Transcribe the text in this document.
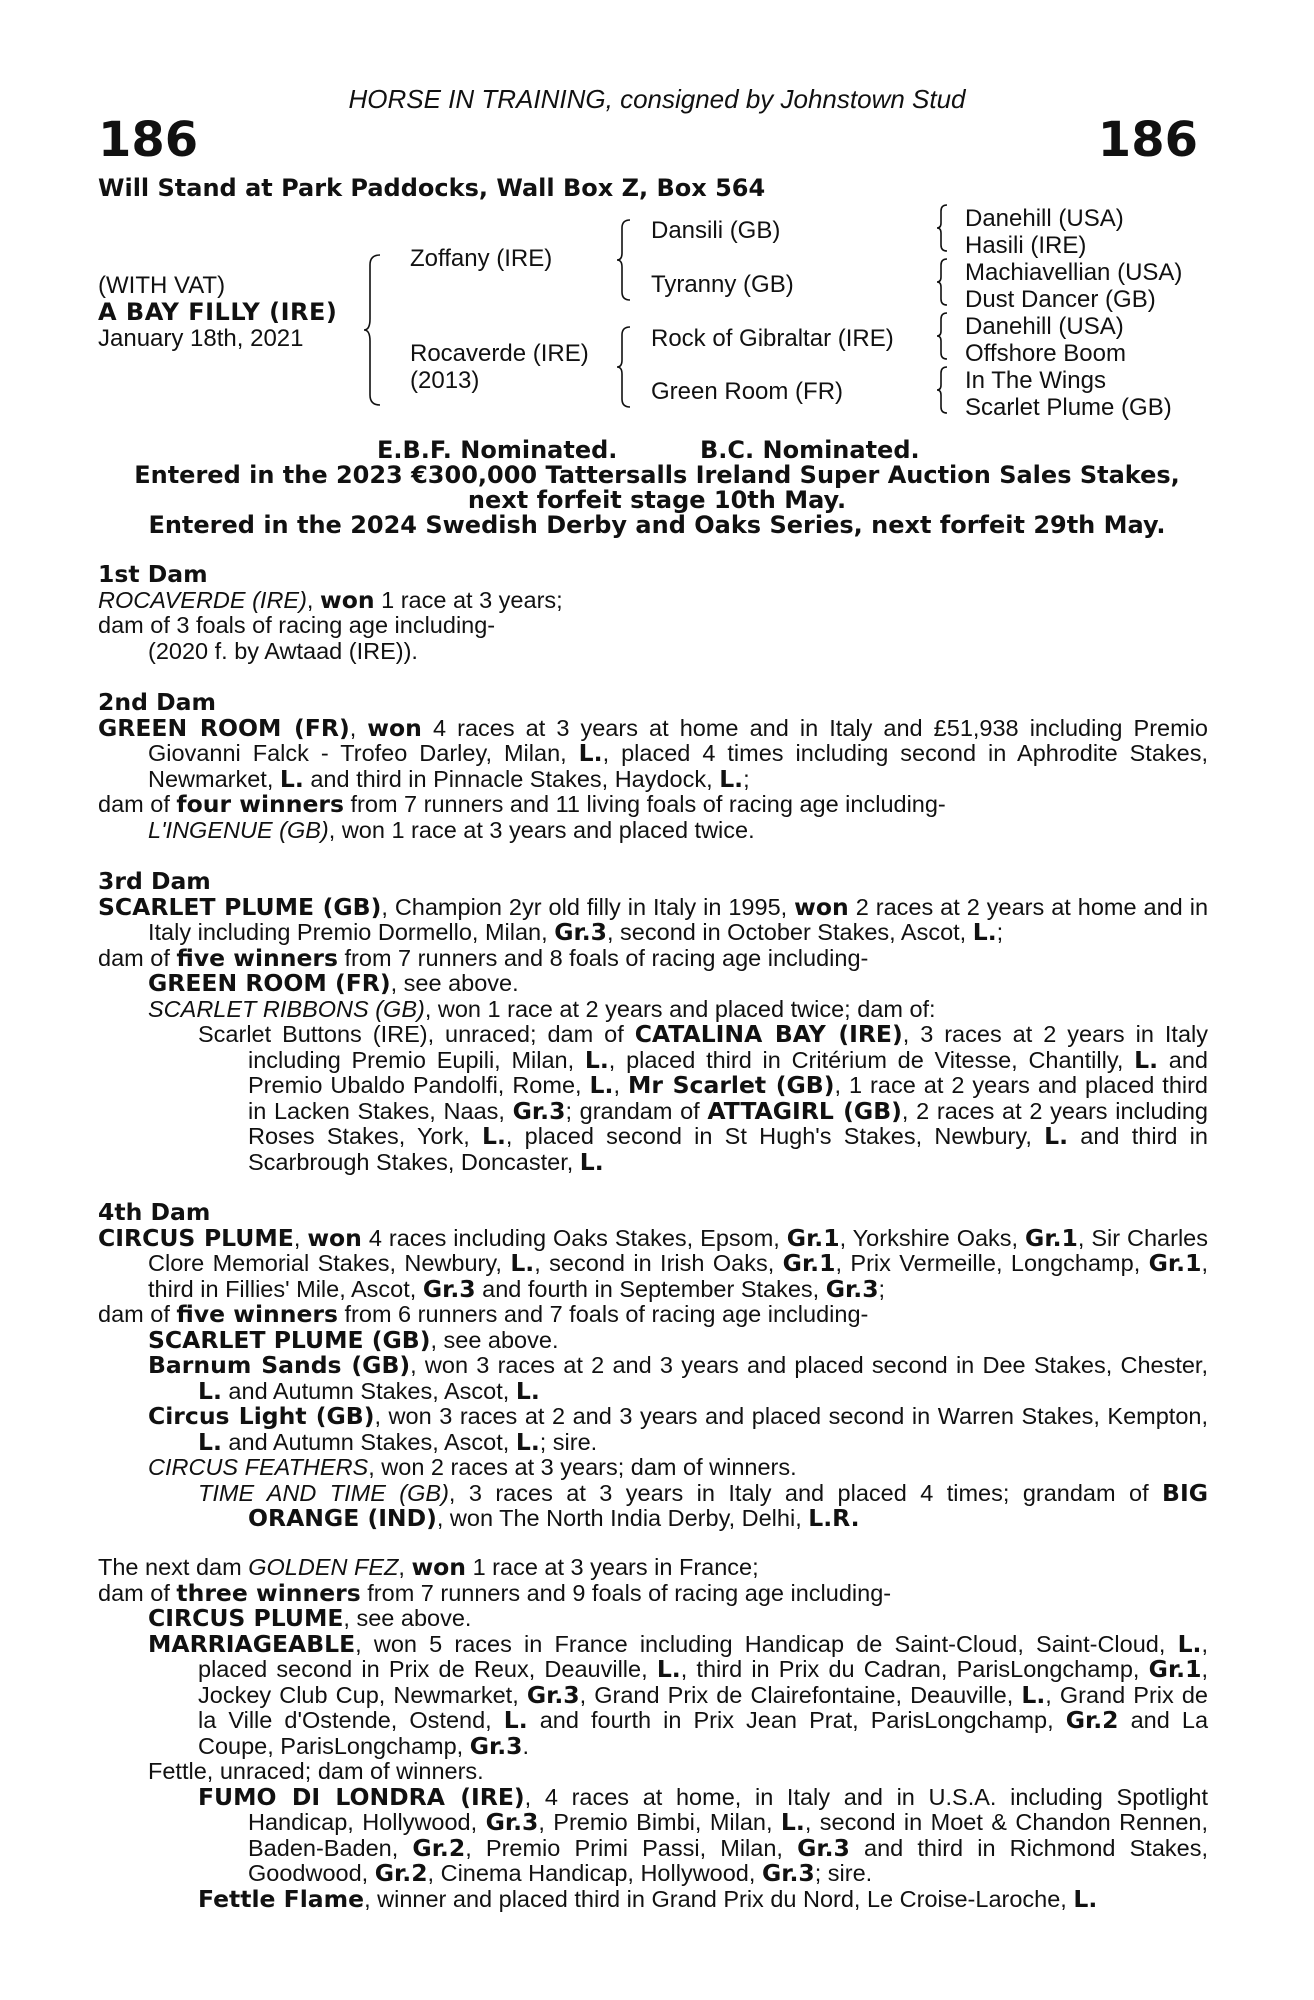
HORSE IN TRAINING, consigned by Johnstown Stud
186	186
Will Stand at Park Paddocks, Wall Box Z, Box 564
(WITH VAT)
A BAY FILLY (IRE)
January 18th, 2021
Zoffany (IRE)
Rocaverde (IRE)
(2013)
Dansili (GB)
Tyranny (GB)
Rock of Gibraltar (IRE)
Green Room (FR)
Danehill (USA)
Hasili (IRE)
Machiavellian (USA)
Dust Dancer (GB)
Danehill (USA)
Offshore Boom
In The Wings
Scarlet Plume (GB)
E.B.F. Nominated.	B.C. Nominated.
Entered in the 2023 €300,000 Tattersalls Ireland Super Auction Sales Stakes,
next forfeit stage 10th May.
Entered in the 2024 Swedish Derby and Oaks Series, next forfeit 29th May.
1st Dam

ROCAVERDE (IRE), won 1 race at 3 years;

dam of 3 foals of racing age including-

(2020 f. by Awtaad (IRE)).

2nd Dam

GREEN ROOM (FR), won 4 races at 3 years at home and in Italy and £51,938 including Premio Giovanni Falck - Trofeo Darley, Milan, L., placed 4 times including second in Aphrodite Stakes, Newmarket, L. and third in Pinnacle Stakes, Haydock, L.;

dam of four winners from 7 runners and 11 living foals of racing age including-

L'INGENUE (GB), won 1 race at 3 years and placed twice.

3rd Dam

SCARLET PLUME (GB), Champion 2yr old filly in Italy in 1995, won 2 races at 2 years at home and in Italy including Premio Dormello, Milan, Gr.3, second in October Stakes, Ascot, L.;

dam of five winners from 7 runners and 8 foals of racing age including-

GREEN ROOM (FR), see above.

SCARLET RIBBONS (GB), won 1 race at 2 years and placed twice; dam of:

Scarlet Buttons (IRE), unraced; dam of CATALINA BAY (IRE), 3 races at 2 years in Italy including Premio Eupili, Milan, L., placed third in Critérium de Vitesse, Chantilly, L. and Premio Ubaldo Pandolfi, Rome, L., Mr Scarlet (GB), 1 race at 2 years and placed third in Lacken Stakes, Naas, Gr.3; grandam of ATTAGIRL (GB), 2 races at 2 years including Roses Stakes, York, L., placed second in St Hugh's Stakes, Newbury, L. and third in Scarbrough Stakes, Doncaster, L.

4th Dam

CIRCUS PLUME, won 4 races including Oaks Stakes, Epsom, Gr.1, Yorkshire Oaks, Gr.1, Sir Charles Clore Memorial Stakes, Newbury, L., second in Irish Oaks, Gr.1, Prix Vermeille, Longchamp, Gr.1, third in Fillies' Mile, Ascot, Gr.3 and fourth in September Stakes, Gr.3;

dam of five winners from 6 runners and 7 foals of racing age including-

SCARLET PLUME (GB), see above.

Barnum Sands (GB), won 3 races at 2 and 3 years and placed second in Dee Stakes, Chester, L. and Autumn Stakes, Ascot, L.

Circus Light (GB), won 3 races at 2 and 3 years and placed second in Warren Stakes, Kempton, L. and Autumn Stakes, Ascot, L.; sire.

CIRCUS FEATHERS, won 2 races at 3 years; dam of winners.

TIME AND TIME (GB), 3 races at 3 years in Italy and placed 4 times; grandam of BIG ORANGE (IND), won The North India Derby, Delhi, L.R.

The next dam GOLDEN FEZ, won 1 race at 3 years in France;

dam of three winners from 7 runners and 9 foals of racing age including-

CIRCUS PLUME, see above.

MARRIAGEABLE, won 5 races in France including Handicap de Saint-Cloud, Saint-Cloud, L., placed second in Prix de Reux, Deauville, L., third in Prix du Cadran, ParisLongchamp, Gr.1, Jockey Club Cup, Newmarket, Gr.3, Grand Prix de Clairefontaine, Deauville, L., Grand Prix de la Ville d'Ostende, Ostend, L. and fourth in Prix Jean Prat, ParisLongchamp, Gr.2 and La Coupe, ParisLongchamp, Gr.3.

Fettle, unraced; dam of winners.

FUMO DI LONDRA (IRE), 4 races at home, in Italy and in U.S.A. including Spotlight Handicap, Hollywood, Gr.3, Premio Bimbi, Milan, L., second in Moet & Chandon Rennen, Baden-Baden, Gr.2, Premio Primi Passi, Milan, Gr.3 and third in Richmond Stakes, Goodwood, Gr.2, Cinema Handicap, Hollywood, Gr.3; sire.

Fettle Flame, winner and placed third in Grand Prix du Nord, Le Croise-Laroche, L.
